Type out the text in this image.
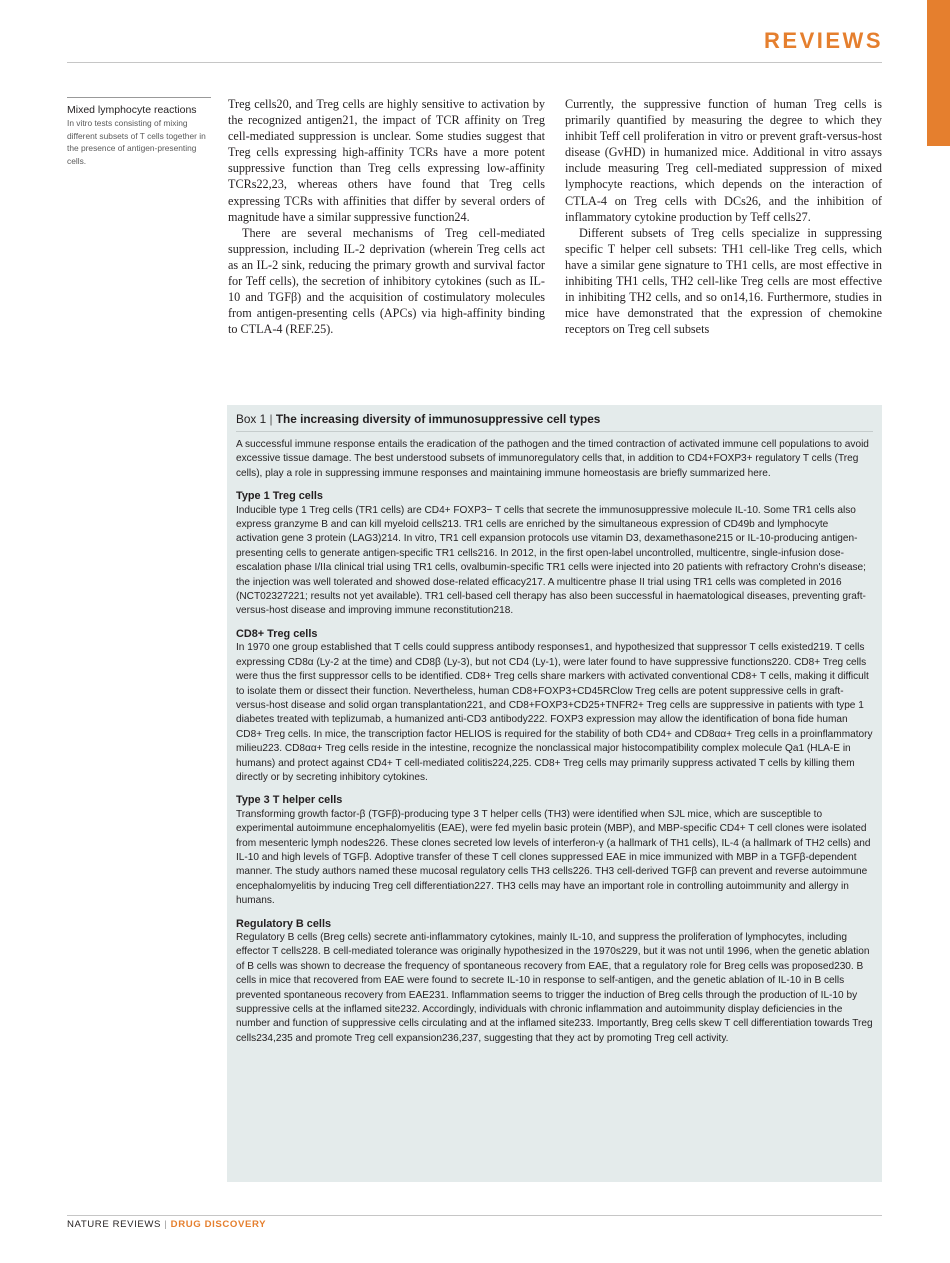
REVIEWS
Mixed lymphocyte reactions
In vitro tests consisting of mixing different subsets of T cells together in the presence of antigen-presenting cells.

Treg cells20, and Treg cells are highly sensitive to activation by the recognized antigen21, the impact of TCR affinity on Treg cell-mediated suppression is unclear. Some studies suggest that Treg cells expressing high-affinity TCRs have a more potent suppressive function than Treg cells expressing low-affinity TCRs22,23, whereas others have found that Treg cells expressing TCRs with affinities that differ by several orders of magnitude have a similar suppressive function24.

There are several mechanisms of Treg cell-mediated suppression, including IL-2 deprivation (wherein Treg cells act as an IL-2 sink, reducing the primary growth and survival factor for Teff cells), the secretion of inhibitory cytokines (such as IL-10 and TGFβ) and the acquisition of costimulatory molecules from antigen-presenting cells (APCs) via high-affinity binding to CTLA-4 (REF.25).

Currently, the suppressive function of human Treg cells is primarily quantified by measuring the degree to which they inhibit Teff cell proliferation in vitro or prevent graft-versus-host disease (GvHD) in humanized mice. Additional in vitro assays include measuring Treg cell-mediated suppression of mixed lymphocyte reactions, which depends on the interaction of CTLA-4 on Treg cells with DCs26, and the inhibition of inflammatory cytokine production by Teff cells27.

Different subsets of Treg cells specialize in suppressing specific T helper cell subsets: TH1 cell-like Treg cells, which have a similar gene signature to TH1 cells, are most effective in inhibiting TH1 cells, TH2 cell-like Treg cells are most effective in inhibiting TH2 cells, and so on14,16. Furthermore, studies in mice have demonstrated that the expression of chemokine receptors on Treg cell subsets

Box 1 | The increasing diversity of immunosuppressive cell types

A successful immune response entails the eradication of the pathogen and the timed contraction of activated immune cell populations to avoid excessive tissue damage. The best understood subsets of immunoregulatory cells that, in addition to CD4+FOXP3+ regulatory T cells (Treg cells), play a role in suppressing immune responses and maintaining immune homeostasis are briefly summarized here.

Type 1 Treg cells

Inducible type 1 Treg cells (TR1 cells) are CD4+ FOXP3− T cells that secrete the immunosuppressive molecule IL-10. Some TR1 cells also express granzyme B and can kill myeloid cells213. TR1 cells are enriched by the simultaneous expression of CD49b and lymphocyte activation gene 3 protein (LAG3)214. In vitro, TR1 cell expansion protocols use vitamin D3, dexamethasone215 or IL-10-producing antigen-presenting cells to generate antigen-specific TR1 cells216. In 2012, in the first open-label uncontrolled, multicentre, single-infusion dose-escalation phase I/IIa clinical trial using TR1 cells, ovalbumin-specific TR1 cells were injected into 20 patients with refractory Crohn's disease; the injection was well tolerated and showed dose-related efficacy217. A multicentre phase II trial using TR1 cells was completed in 2016 (NCT02327221; results not yet available). TR1 cell-based cell therapy has also been successful in haematological diseases, preventing graft-versus-host disease and improving immune reconstitution218.

CD8+ Treg cells

In 1970 one group established that T cells could suppress antibody responses1, and hypothesized that suppressor T cells existed219. T cells expressing CD8α (Ly-2 at the time) and CD8β (Ly-3), but not CD4 (Ly-1), were later found to have suppressive functions220. CD8+ Treg cells were thus the first suppressor cells to be identified. CD8+ Treg cells share markers with activated conventional CD8+ T cells, making it difficult to isolate them or dissect their function. Nevertheless, human CD8+FOXP3+CD45RClow Treg cells are potent suppressive cells in graft-versus-host disease and solid organ transplantation221, and CD8+FOXP3+CD25+TNFR2+ Treg cells are suppressive in patients with type 1 diabetes treated with teplizumab, a humanized anti-CD3 antibody222. FOXP3 expression may allow the identification of bona fide human CD8+ Treg cells. In mice, the transcription factor HELIOS is required for the stability of both CD4+ and CD8αα+ Treg cells in a proinflammatory milieu223. CD8αα+ Treg cells reside in the intestine, recognize the nonclassical major histocompatibility complex molecule Qa1 (HLA-E in humans) and protect against CD4+ T cell-mediated colitis224,225. CD8+ Treg cells may primarily suppress activated T cells by killing them directly or by secreting inhibitory cytokines.

Type 3 T helper cells

Transforming growth factor-β (TGFβ)-producing type 3 T helper cells (TH3) were identified when SJL mice, which are susceptible to experimental autoimmune encephalomyelitis (EAE), were fed myelin basic protein (MBP), and MBP-specific CD4+ T cell clones were isolated from mesenteric lymph nodes226. These clones secreted low levels of interferon-γ (a hallmark of TH1 cells), IL-4 (a hallmark of TH2 cells) and IL-10 and high levels of TGFβ. Adoptive transfer of these T cell clones suppressed EAE in mice immunized with MBP in a TGFβ-dependent manner. The study authors named these mucosal regulatory cells TH3 cells226. TH3 cell-derived TGFβ can prevent and reverse autoimmune encephalomyelitis by inducing Treg cell differentiation227. TH3 cells may have an important role in controlling autoimmunity and allergy in humans.

Regulatory B cells

Regulatory B cells (Breg cells) secrete anti-inflammatory cytokines, mainly IL-10, and suppress the proliferation of lymphocytes, including effector T cells228. B cell-mediated tolerance was originally hypothesized in the 1970s229, but it was not until 1996, when the genetic ablation of B cells was shown to decrease the frequency of spontaneous recovery from EAE, that a regulatory role for Breg cells was proposed230. B cells in mice that recovered from EAE were found to secrete IL-10 in response to self-antigen, and the genetic ablation of IL-10 in B cells prevented spontaneous recovery from EAE231. Inflammation seems to trigger the induction of Breg cells through the production of IL-10 by suppressive cells at the inflamed site232. Accordingly, individuals with chronic inflammation and autoimmunity display deficiencies in the number and function of suppressive cells circulating and at the inflamed site233. Importantly, Breg cells skew T cell differentiation towards Treg cells234,235 and promote Treg cell expansion236,237, suggesting that they act by promoting Treg cell activity.

NATURE REVIEWS | DRUG DISCOVERY
